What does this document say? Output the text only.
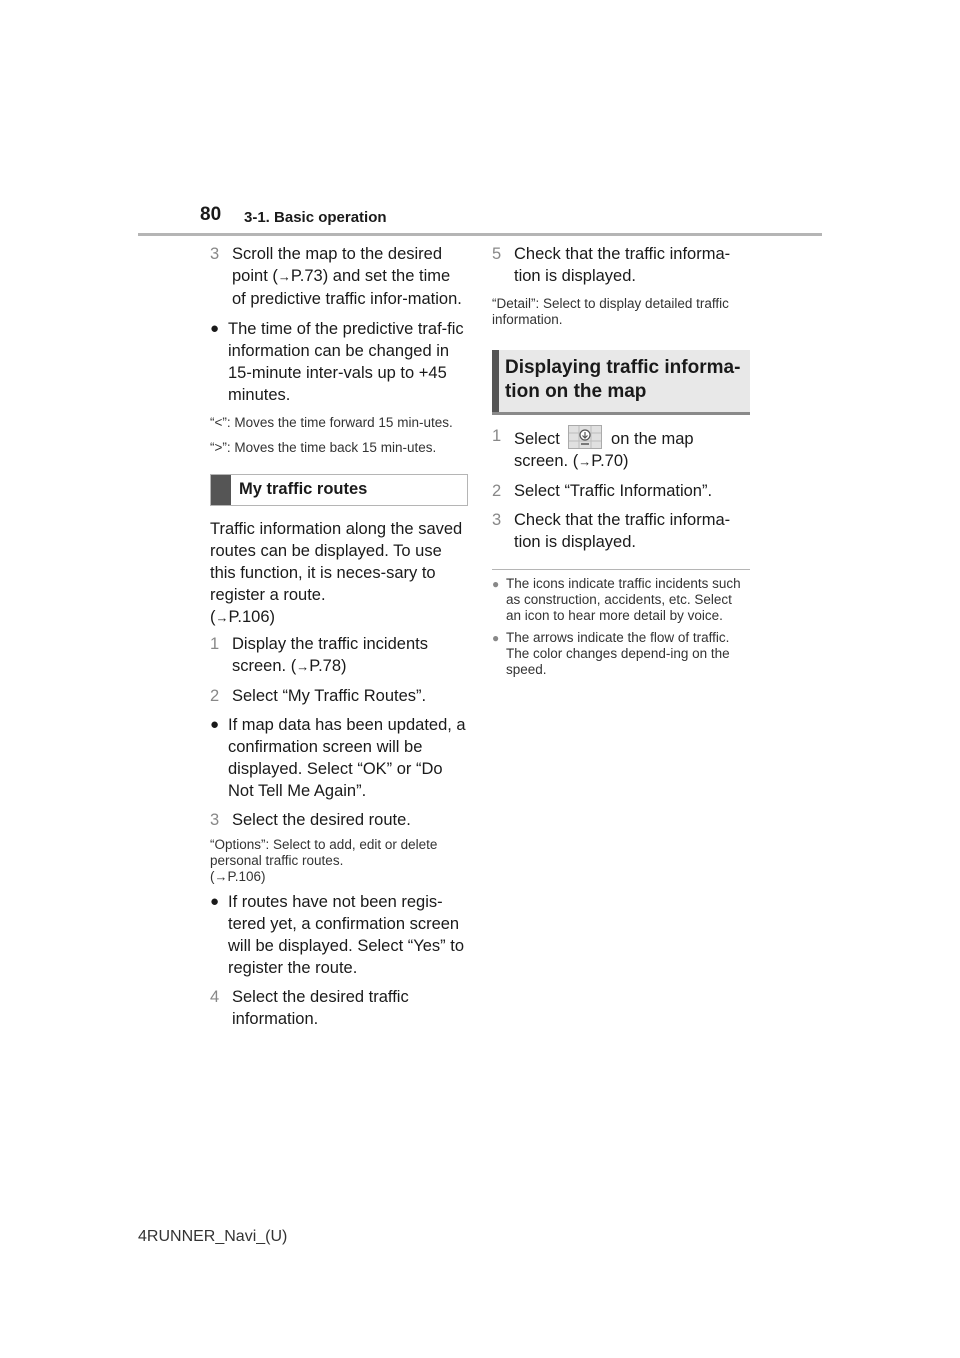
80 3-1. Basic operation
3 Scroll the map to the desired point (→P.73) and set the time of predictive traffic infor-mation.
● The time of the predictive traf-fic information can be changed in 15-minute inter-vals up to +45 minutes.
“<”: Moves the time forward 15 min-utes.
“>”: Moves the time back 15 min-utes.
My traffic routes
Traffic information along the saved routes can be displayed. To use this function, it is neces-sary to register a route.
(→P.106)
1 Display the traffic incidents screen. (→P.78)
2 Select “My Traffic Routes”.
● If map data has been updated, a confirmation screen will be displayed. Select “OK” or “Do Not Tell Me Again”.
3 Select the desired route.
“Options”: Select to add, edit or delete personal traffic routes.
(→P.106)
● If routes have not been regis-tered yet, a confirmation screen will be displayed. Select “Yes” to register the route.
4 Select the desired traffic information.
5 Check that the traffic informa-tion is displayed.
“Detail”: Select to display detailed traffic information.
Displaying traffic informa-tion on the map
1 Select	on the map screen. (→P.70)
2 Select “Traffic Information”.
3 Check that the traffic informa-tion is displayed.
● The icons indicate traffic incidents such as construction, accidents, etc. Select an icon to hear more detail by voice.
● The arrows indicate the flow of traffic. The color changes depend-ing on the speed.
4RUNNER_Navi_(U)
